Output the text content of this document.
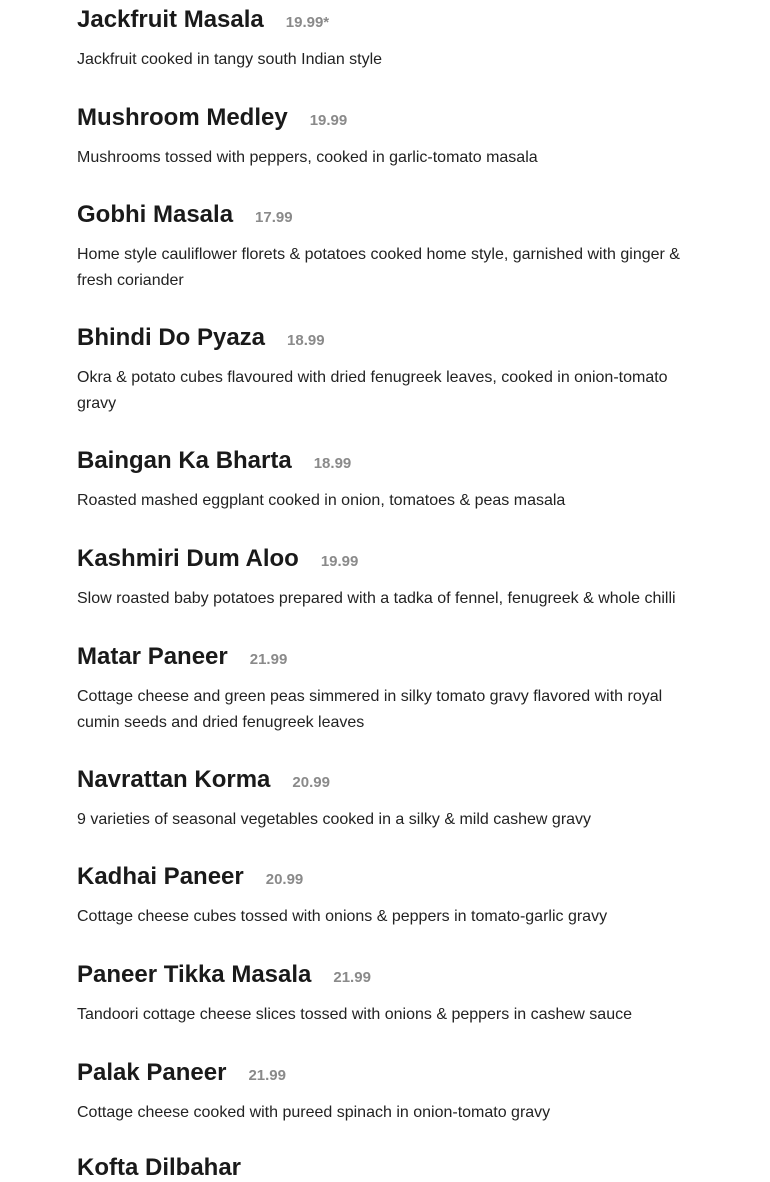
Jackfruit Masala 19.99*
Jackfruit cooked in tangy south Indian style
Mushroom Medley 19.99
Mushrooms tossed with peppers, cooked in garlic-tomato masala
Gobhi Masala 17.99
Home style cauliflower florets & potatoes cooked home style, garnished with ginger & fresh coriander
Bhindi Do Pyaza 18.99
Okra & potato cubes flavoured with dried fenugreek leaves, cooked in onion-tomato gravy
Baingan Ka Bharta 18.99
Roasted mashed eggplant cooked in onion, tomatoes & peas masala
Kashmiri Dum Aloo 19.99
Slow roasted baby potatoes prepared with a tadka of fennel, fenugreek & whole chilli
Matar Paneer 21.99
Cottage cheese and green peas simmered in silky tomato gravy flavored with royal cumin seeds and dried fenugreek leaves
Navrattan Korma 20.99
9 varieties of seasonal vegetables cooked in a silky & mild cashew gravy
Kadhai Paneer 20.99
Cottage cheese cubes tossed with onions & peppers in tomato-garlic gravy
Paneer Tikka Masala 21.99
Tandoori cottage cheese slices tossed with onions & peppers in cashew sauce
Palak Paneer 21.99
Cottage cheese cooked with pureed spinach in onion-tomato gravy
Kofta Dilbahar
